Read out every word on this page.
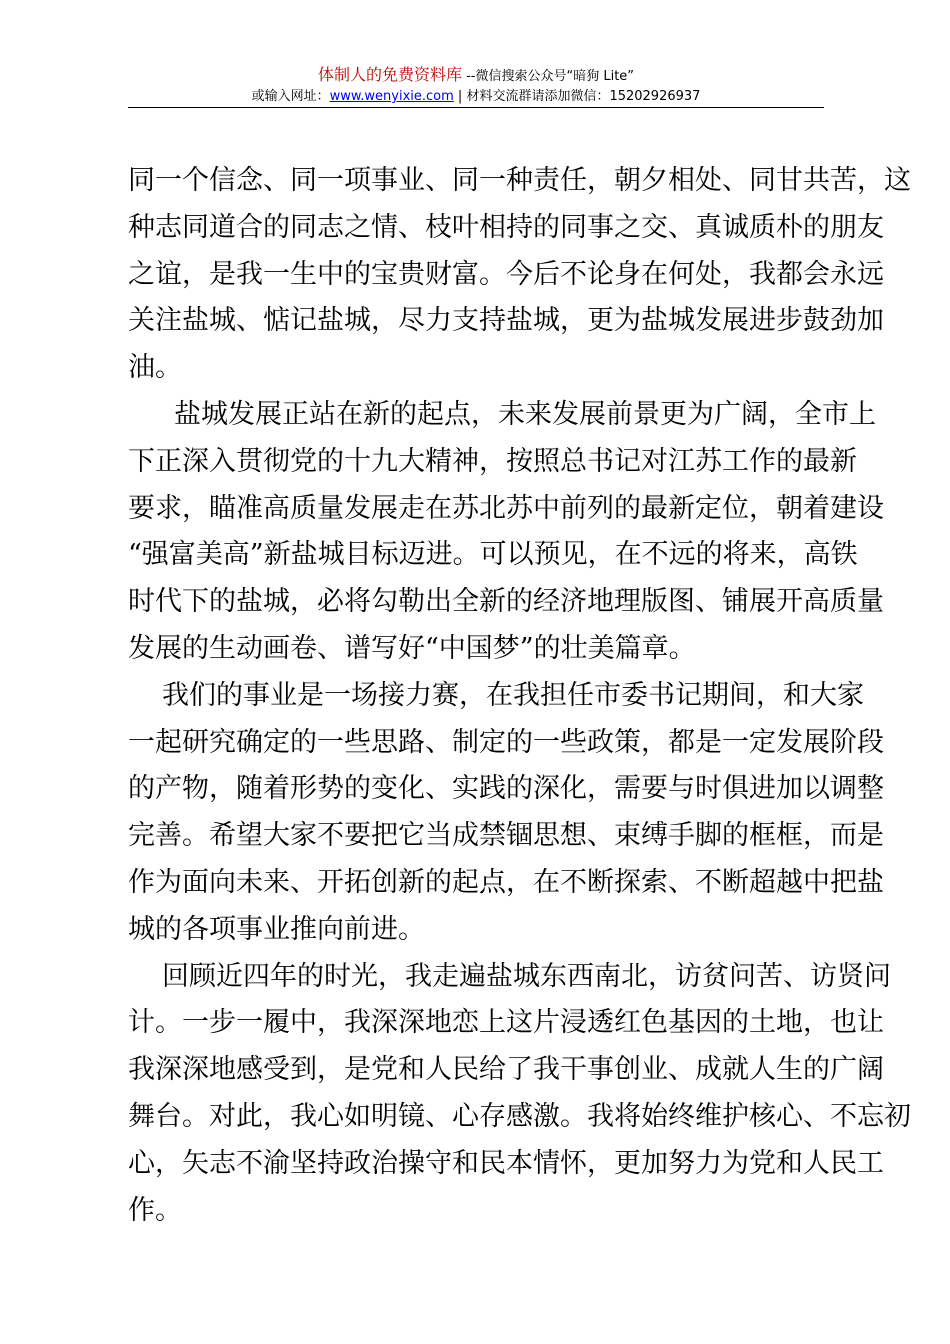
体制人的免费资料库 --微信搜索公众号“暗狗 Lite”
或输入网址：www.wenyixie.com | 材料交流群请添加微信：15202926937
同一个信念、同一项事业、同一种责任，朝夕相处、同甘共苦，这
种志同道合的同志之情、枝叶相持的同事之交、真诚质朴的朋友
之谊，是我一生中的宝贵财富。今后不论身在何处，我都会永远
关注盐城、惦记盐城，尽力支持盐城，更为盐城发展进步鼓劲加
油。
盐城发展正站在新的起点，未来发展前景更为广阔，全市上
下正深入贯彻党的十九大精神，按照总书记对江苏工作的最新
要求，瞄准高质量发展走在苏北苏中前列的最新定位，朝着建设
“强富美高”新盐城目标迈进。可以预见，在不远的将来，高铁
时代下的盐城，必将勾勒出全新的经济地理版图、铺展开高质量
发展的生动画卷、谱写好“中国梦”的壮美篇章。
我们的事业是一场接力赛，在我担任市委书记期间，和大家
一起研究确定的一些思路、制定的一些政策，都是一定发展阶段
的产物，随着形势的变化、实践的深化，需要与时俱进加以调整
完善。希望大家不要把它当成禁锢思想、束缚手脚的框框，而是
作为面向未来、开拓创新的起点，在不断探索、不断超越中把盐
城的各项事业推向前进。
回顾近四年的时光，我走遍盐城东西南北，访贫问苦、访贤问
计。一步一履中，我深深地恋上这片浸透红色基因的土地，也让
我深深地感受到，是党和人民给了我干事创业、成就人生的广阔
舞台。对此，我心如明镜、心存感激。我将始终维护核心、不忘初
心，矢志不渝坚持政治操守和民本情怀，更加努力为党和人民工
作。
